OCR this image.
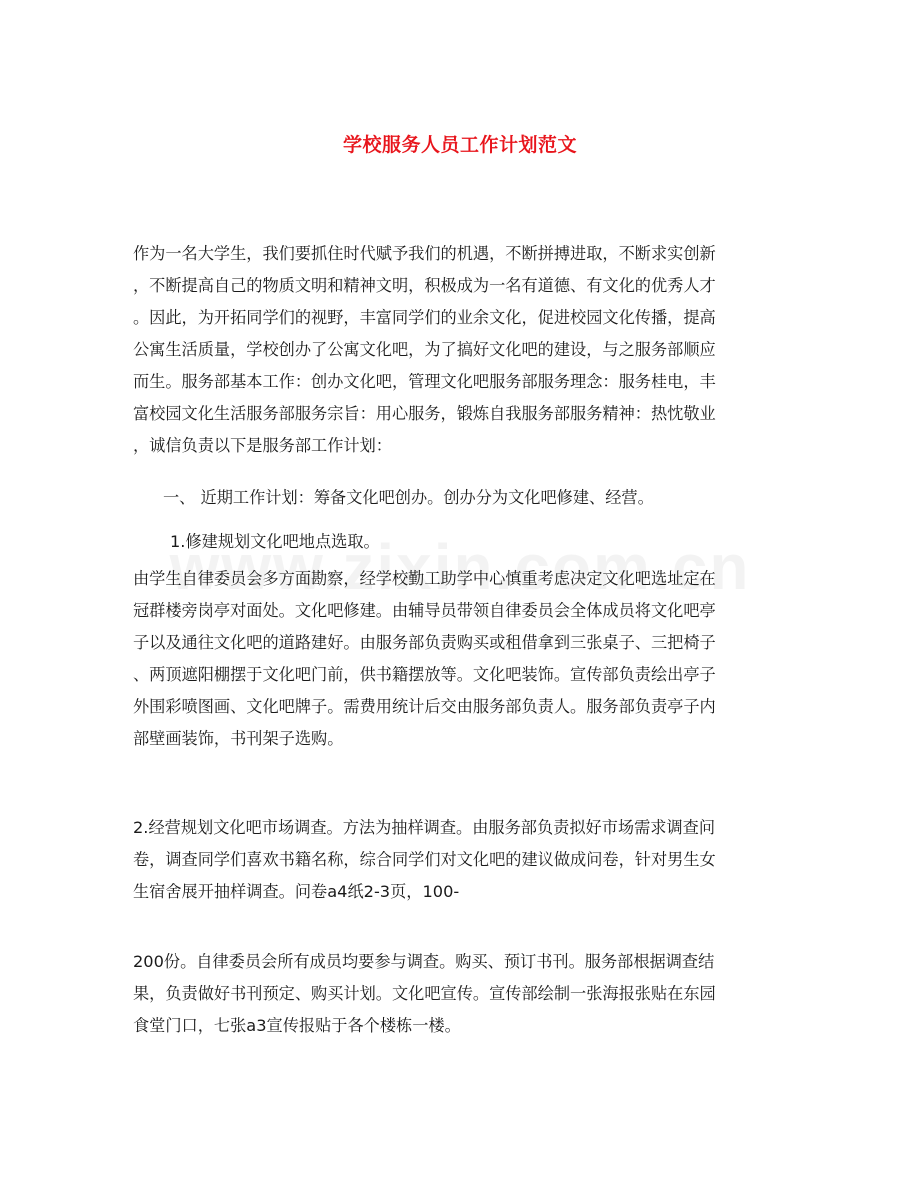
学校服务人员工作计划范文
作为一名大学生，我们要抓住时代赋予我们的机遇，不断拼搏进取，不断求实创新
，不断提高自己的物质文明和精神文明，积极成为一名有道德、有文化的优秀人才
。因此，为开拓同学们的视野，丰富同学们的业余文化，促进校园文化传播，提高
公寓生活质量，学校创办了公寓文化吧，为了搞好文化吧的建设，与之服务部顺应
而生。服务部基本工作：创办文化吧，管理文化吧服务部服务理念：服务桂电，丰
富校园文化生活服务部服务宗旨：用心服务，锻炼自我服务部服务精神：热忱敬业
，诚信负责以下是服务部工作计划：
一、 近期工作计划：筹备文化吧创办。创办分为文化吧修建、经营。
1.修建规划文化吧地点选取。
由学生自律委员会多方面勘察，经学校勤工助学中心慎重考虑决定文化吧选址定在
冠群楼旁岗亭对面处。文化吧修建。由辅导员带领自律委员会全体成员将文化吧亭
子以及通往文化吧的道路建好。由服务部负责购买或租借拿到三张桌子、三把椅子
、两顶遮阳棚摆于文化吧门前，供书籍摆放等。文化吧装饰。宣传部负责绘出亭子
外围彩喷图画、文化吧牌子。需费用统计后交由服务部负责人。服务部负责亭子内
部壁画装饰，书刊架子选购。
2.经营规划文化吧市场调查。方法为抽样调查。由服务部负责拟好市场需求调查问
卷，调查同学们喜欢书籍名称，综合同学们对文化吧的建议做成问卷，针对男生女
生宿舍展开抽样调查。问卷a4纸2-3页，100-
200份。自律委员会所有成员均要参与调查。购买、预订书刊。服务部根据调查结
果，负责做好书刊预定、购买计划。文化吧宣传。宣传部绘制一张海报张贴在东园
食堂门口，七张a3宣传报贴于各个楼栋一楼。
